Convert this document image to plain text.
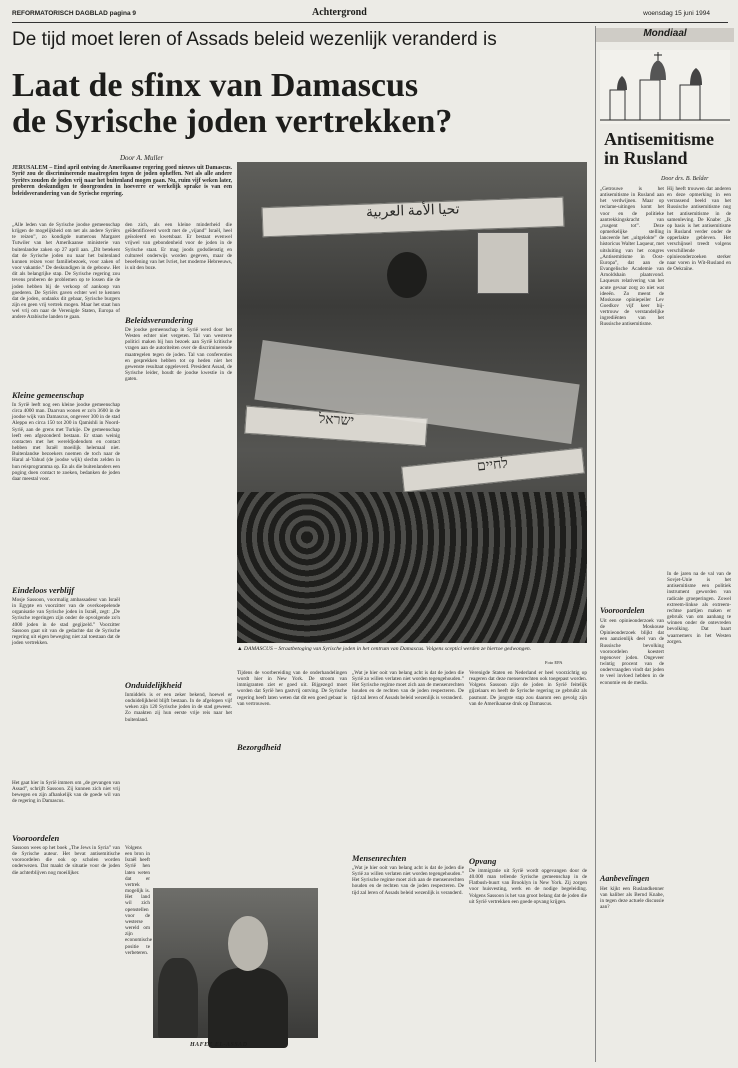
REFORMATORISCH DAGBLAD pagina 9	Achtergrond	woensdag 15 juni 1994
De tijd moet leren of Assads beleid wezenlijk veranderd is
Laat de sfinx van Damascus
de Syrische joden vertrekken?
Door A. Muller

JERUSALEM – Eind april ontving de Amerikaanse regering goed nieuws uit Damascus. Syrië zou de discriminerende maatregelen tegen de joden opheffen. Net als alle andere Syriërs zouden de joden vrij naar het buitenland mogen gaan. Nu, ruim vijf weken later, proberen deskundigen te doorgronden in hoeverre er werkelijk sprake is van een beleidsverandering van de Syrische regering.

„Alle leden van de Syrische joodse gemeenschap krijgen de mogelijkheid om net als andere Syriërs te reizen”, zo kondigde numerous Margaret Tutwiler van het Amerikaanse ministerie van buitenlandse zaken op 27 april aan. „Dit betekent dat de Syrische joden nu naar het buitenland kunnen reizen voor familiebezoek, voor zaken of voor vakantie.” De deskundigen in de gebouw. Het dit als belangrijke stap. De Syrische regering zou tevens proberen de problemen op te lossen die de joden hebben bij de verkoop of aankoop van goederen. De Syriërs gaven echter wel te kennen dat de joden, ondanks dit gebaar, Syrische burgers zijn en geen vrij vertrek mogen. Maar het staat hun wel vrij om naar de Verenigde Staten, Europa of andere Arabische landen te gaan.

Kleine gemeenschap

In Syrië leeft nog een kleine joodse gemeenschap circa 4000 man. Daarvan wonen er zo'n 3600 in de joodse wijk van Damascus, ongeveer 300 in de stad Aleppo en circa 150 tot 200 in Qamishli in Noord-Syrië, aan de grens met Turkije. De gemeenschap leeft een afgezonderd bestaan. Er staan weinig contacten met het wereldjodendom en contact hebben met Israël moeilijk helemaal niet. Buitenlandse bezoekers noemen de toch naar de Haral al-Yahud (de joodse wijk) slechts zelden in hun reisprogramma op. En als die buitenlanders een poging doen contact te zoeken, bedanken de joden daar meestal voor.

Eindeloos verblijf

Mosje Sassoon, voormalig ambassadeur van Israël in Egypte en voorzitter van de overkoepelende organisatie van Syrische joden in Israël, zegt: „De Syrische regeringen zijn onder de opvolgende zo'n 4000 joden in de stad gegijzeld.” Voorzitter Sassoon gaat uit van de gedachte dat de Syrische regering uit eigen beweging niet zal toestaan dat de joden vertrekken.

Het gaat hier in Syrië immers om „de gevangen van Assad”, schrijft Sassoon. Zij kunnen zich niet vrij bewegen en zijn afhankelijk van de goede wil van de regering in Damascus.

Vooroordelen

Sassoon wees op het boek „The Jews in Syria” van de Syrische auteur. Het bevat antisemitische vooroordelen die ook op scholen worden onderwezen. Dat maakt de situatie voor de joden die achterblijven nog moeilijker.

den zich, als een kleine minderheid die geïdentificeerd wordt met de „vijand” Israël, heel geïsoleerd en kwetsbaar. Er bestaat evenwel vrijwel van gebondenheid voor de joden in de Syrische staat. Er mag joods godsdienstig en cultureel onderwijs worden gegeven, maar de beoefening van het Ivriet, het moderne Hebreeuws, is uit den boze.

Beleidsverandering

De joodse gemeenschap in Syrië werd door het Westen echter niet vergeten. Tal van westerse politici maken bij hun bezoek aan Syrië kritische vragen aan de autoriteiten over de discriminerende maatregelen tegen de joden. Tal van conferenties en gesprekken hebben tot op heden niet het gewenste resultaat opgeleverd. President Assad, de Syrische leider, houdt de joodse kwestie in de gaten.

Onduidelijkheid

Inmiddels is er een zeker bekend, hoewel er onduidelijkheid blijft bestaan. In de afgelopen vijf weken zijn 120 Syrische joden in de stad geweest. Zo maakten zij hun eerste vrije reis naar het buitenland.

Volgens een bron in Israël heeft Syrië hen laten weten dat er vertrek mogelijk is. Het land wil zich openstellen voor de westerse wereld om zijn economische positie te verbeteren.

تحيا الأمة العربية
ישראל
לחיים
▲ DAMASCUS – Straatbetoging van Syrische joden in het centrum van Damascus. Volgens sceptici werden ze hiertoe gedwongen.
Foto EPA

Tijdens de voorbereiding van de onderhandelingen wordt hier in New York. De stroom van immigranten ziet er goed uit. Bijgezegd moet worden dat Syrië hen gastvrij ontving. De Syrische regering heeft laten weten dat dit een goed gebaar is van vertrouwen.

Bezorgdheid

„Wat je hier ooit van belang acht is dat de joden die Syrië zo willen verlaten niet worden tegengehouden.” Het Syrische regime moet zich aan de mensenrechten houden en de rechten van de joden respecteren. De tijd zal leren of Assads beleid wezenlijk is veranderd.

Mensenrechten

„Wat je hier ooit van belang acht is dat de joden die Syrië zo willen verlaten niet worden tegengehouden.” Het Syrische regime moet zich aan de mensenrechten houden en de rechten van de joden respecteren. De tijd zal leren of Assads beleid wezenlijk is veranderd.

Verenigde Staten en Nederland er heel voorzichtig op reageren dat deze mensenrechten ook toegepast worden. Volgens Sassoon zijn de joden in Syrië feitelijk gijzelaars en heeft de Syrische regering ze gebruikt als pasmunt. De jongste stap zou daarom een gevolg zijn van de Amerikaanse druk op Damascus.

Opvang

De immigratie uit Syrië wordt opgevangen door de 40.000 man tellende Syrische gemeenschap in de Flatbush-buurt van Brooklyn in New York. Zij zorgen voor huisvesting, werk en de nodige begeleiding. Volgens Sassoon is het van groot belang dat de joden die uit Syrië vertrekken een goede opvang krijgen.

HAFEZ EL-ASSAD
Mondiaal
Antisemitisme
in Rusland
Door drs. B. Belder

„Getrouwe is het antisemitisme in Rusland aan het verdwijnen. Maar op reclame-uitingen komt het voor en de politieke aantrekkingskracht van „rusgent tot”. Deze opmerkelijke stelling lanceerde het „uitgelokte” de historicus Walter Laqueur, met uitsluiting van het congres „Antisemitisme in Oost-Europa”, dat aan de Evangelische Academie van Arnoldshain plaatsvond. Laqueurs relativering van het acute gevaar zorg zo niet wat ideeën. Zo meent de Moskouse opiniepeiler Lev Goedkov vijf keer bij- vertrouw de verstandelijke ingrediënten van het Russische antisemitisme.

Vooroordelen

Uit een opinieonderzoek van de Moskouse Opinieonderzoek blijkt dat een aanzienlijk deel van de Russische bevolking vooroordelen koestert tegenover joden. Ongeveer twintig procent van de ondervraagden vindt dat joden te veel invloed hebben in de economie en de media.

Aanbevelingen

Het kijkt een Ruslandkenner van kaliber als Bernd Knabe, in tegen deze actuele discussie aan?

Hij heeft trouwen dat anderen en deze opmerking in een verrassend beeld van het Russische antisemitisme nog het antisemitisme in de samenleving. De Knabe: „Ik op basis is het antisemitisme in Rusland verder onder de opperlakte gebleven. Het verschijnsel treedt volgens verschillende opinieonderzoeken sterker naar voren in Wit-Rusland en de Oekraïne.

In de jaren na de val van de Sovjet-Unie is het antisemitisme een politiek instrument geworden van radicale groeperingen. Zowel extreem-linkse als extreem-rechtse partijen maken er gebruik van om aanhang te winnen onder de ontevreden bevolking. Dat baart waarnemers in het Westen zorgen.
